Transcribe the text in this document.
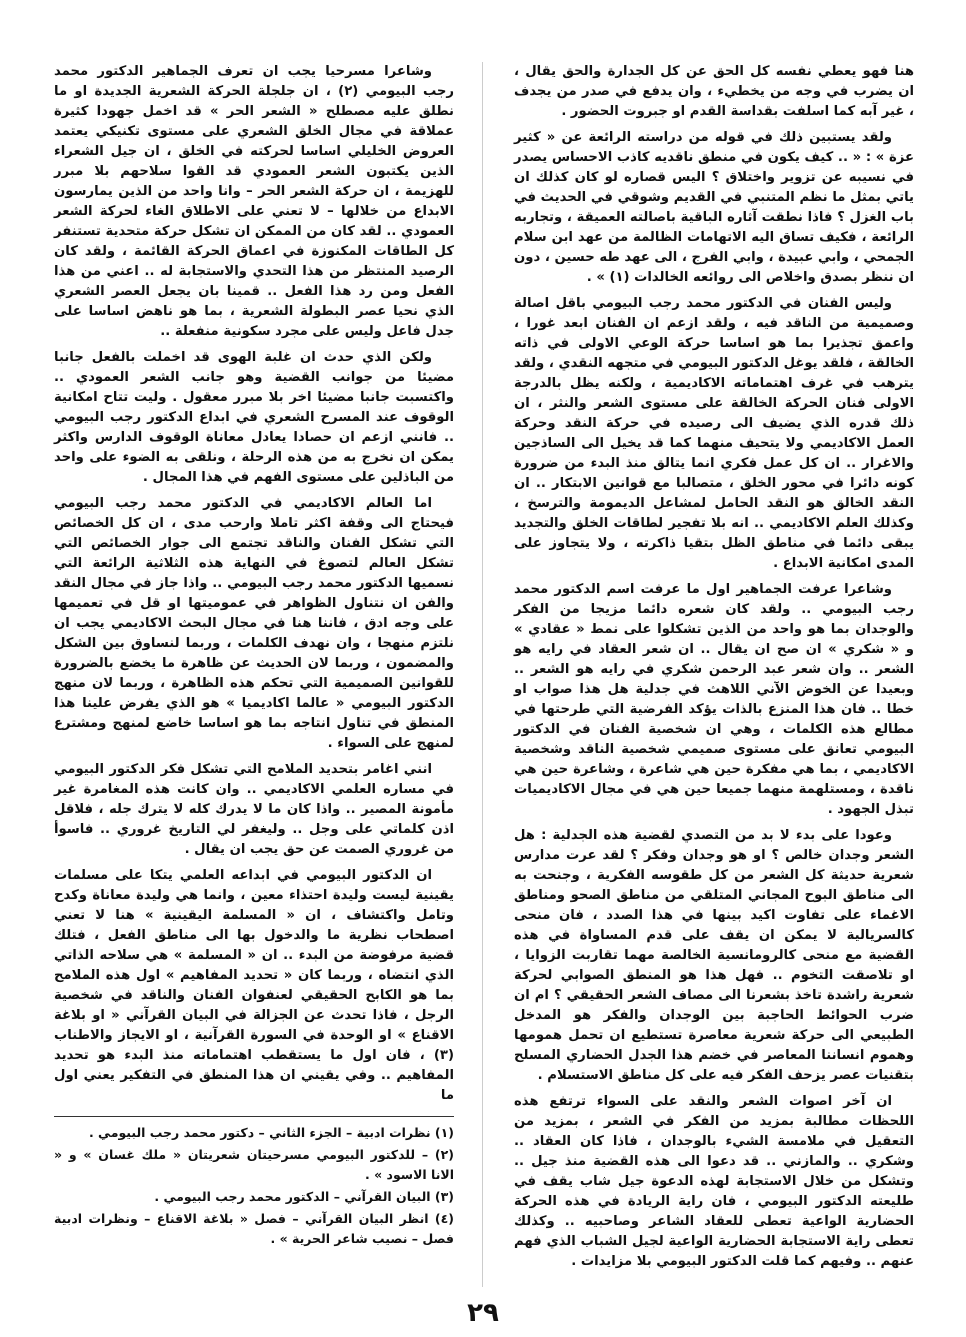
هنا فهو يعطي نفسه كل الحق عن كل الجدارة والحق يقال ، ان يضرب في وجه من يخطيء ، وان يدفع في صدر من يجدف ، غير آبه كما اسلفت بقداسة القدم او جبروت الحضور .

ولقد يستبين ذلك في قوله من دراسته الرائعة عن « كثير عزة » : « .. كيف يكون في منطق ناقديه كاذب الاحساس يصدر في نسيبه عن تزوير واختلاق ؟ اليس قصاره لو كان كذلك ان ياتي بمثل ما نظم المتنبي في القديم وشوقي في الحديث في باب الغزل ؟ فاذا نطقت آثاره الباقية باصالته العميقة ، وتجاربه الرائعة ، فكيف تساق اليه الاتهامات الظالمة من عهد ابن سلام الجمحي ، وابي عبيدة ، وابي الفرج ، الى عهد طه حسين ، دون ان ننظر بصدق واخلاص الى روائعه الخالدات (١) » .

وليس الفنان في الدكتور محمد رجب البيومي باقل اصالة وصميمية من الناقد فيه ، ولقد ازعم ان الفنان ابعد غورا ، واعمق تجذيرا بما هو اساسا حركة الوعي الاولى في ذاته الخالقة ، فلقد يوغل الدكتور البيومي في متجهه النقدي ، ولقد يترهب في غرف اهتماماته الاكاديمية ، ولكنه يظل بالدرجة الاولى فنان الحركة الخالقة على مستوى الشعر والنثر ، ان ذلك قدره الذي يضيف الى رصيده في حركة النقد وحركة العمل الاكاديمي ولا يتحيف منهما كما قد يخيل الى الساذجين والاغرار .. ان كل عمل فكري انما يتالق منذ البدء من ضرورة كونه دائرا في محور الخلق ، متصالبا مع قوانين الابتكار .. ان النقد الخالق هو النقد الحامل لمشاعل الديمومة والترسخ ، وكذلك العلم الاكاديمي .. انه بلا تفجير لطاقات الخلق والتجديد يبقى دائما في مناطق الظل بتقيا ذاكرته ، ولا يتجاوز على المدى امكانية الابداع .

وشاعرا عرفت الجماهير اول ما عرفت اسم الدكتور محمد رجب البيومي .. ولقد كان شعره دائما مزيجا من الفكر والوجدان بما هو واحد من الذين تشكلوا على نمط « عقادي » و « شكري » ان صح ان يقال .. ان شعر العقاد في رايه هو الشعر .. وان شعر عبد الرحمن شكري في رايه هو الشعر .. وبعيدا عن الخوض الآني اللاهث في جدلية هل هذا صواب او خطا .. فان هذا المنزع بالذات يؤكد الفرضية التي طرحتها في مطالع هذه الكلمات ، وهي ان شخصية الفنان في الدكتور البيومي تعانق على مستوى صميمي شخصية الناقد وشخصية الاكاديمي ، بما هي مفكرة حين هي شاعرة ، وشاعرة حين هي ناقدة ، ومستلهمة منهما جميعا حين هي في مجال الاكاديميات تبذل الجهود .

وعودا على بدء لا بد من التصدي لقضية هذه الجدلية : هل الشعر وجدان خالص ؟ او هو وجدان وفكر ؟ لقد عرت مدارس شعرية حديثة كل الشعر من كل طقوسه الفكرية ، وجنحت به الى مناطق البوح المجاني المتلقي من مناطق الصحو ومناطق الاغماء على تفاوت اكيد بينها في هذا الصدد ، فان منحى كالسريالية لا يمكن ان يقف على قدم المساواة في هذه القضية مع منحى كالرومانسية الخالصة مهما تقاربت الزوايا ، او تلاصقت التخوم .. فهل هذا هو المنطق الصوابي لحركة شعرية راشدة تاخذ بشعرنا الى مصاف الشعر الحقيقي ؟ ام ان ضرب الحوائط الحاجبة بين الوجدان والفكر هو المدخل الطبيعي الى حركة شعرية معاصرة تستطيع ان تحمل همومها وهموم انساننا المعاصر في خضم هذا الجدل الحضاري المسلح بتقنيات عصر يزحف الفكر فيه على كل مناطق الاستسلام .

ان آخر اصوات الشعر والنقد على السواء ترتفع هذه اللحظات مطالبة بمزيد من الفكر في الشعر ، بمزيد من التعقيل في ملامسة الشيء بالوجدان ، فاذا كان العقاد .. وشكري .. والمازني .. قد دعوا الى هذه القضية منذ جيل .. وتشكل من خلال الاستجابة لهذه الدعوة جيل شاب يقف في طليعته الدكتور البيومي ، فان راية الريادة في هذه الحركة الحضارية الواعية تعطى للعقاد الشاعر وصاحبيه .. وكذلك تعطى راية الاستجابة الحضارية الواعية لجيل الشباب الذي فهم عنهم .. وفيهم كما قلت الدكتور البيومي بلا مزايدات .

وشاعرا مسرحيا يجب ان تعرف الجماهير الدكتور محمد رجب البيومي (٢) ، ان جلجلة الحركة الشعرية الجديدة او ما نطلق عليه مصطلح « الشعر الحر » قد اخمل جهودا كثيرة عملاقة في مجال الخلق الشعري على مستوى تكنيكي يعتمد العروض الخليلي اساسا لحركته في الخلق ، ان جيل الشعراء الذين يكتبون الشعر العمودي قد القوا سلاحهم بلا مبرر للهزيمة ، ان حركة الشعر الحر – وانا واحد من الذين يمارسون الابداع من خلالها – لا تعني على الاطلاق الغاء لحركة الشعر العمودي .. لقد كان من الممكن ان تشكل حركة متحدية تستنفر كل الطاقات المكنوزة في اعماق الحركة القائمة ، ولقد كان الرصيد المنتظر من هذا التحدي والاستجابة له .. اعني من هذا الفعل ومن رد هذا الفعل .. قمينا بان يجعل العصر الشعري الذي نحيا عصر البطولة الشعرية ، بما هو ناهض اساسا على جدل فاعل وليس على مجرد سكونية منفعلة ..

ولكن الذي حدث ان غلبة الهوى قد اخملت بالفعل جانبا مضيئا من جوانب القضية وهو جانب الشعر العمودي .. واكتسبت جانبا مضيئا اخر بلا مبرر معقول . وليت تتاح امكانية الوقوف عند المسرح الشعري في ابداع الدكتور رجب البيومي .. فانني ازعم ان حصادا يعادل معاناة الوقوف الدارس واكثر يمكن ان نخرج به من هذه الرحلة ، ونلقى به الضوء على واحد من الباذلين على مستوى الفهم في هذا المجال .

اما العالم الاكاديمي في الدكتور محمد رجب البيومي فيحتاج الى وقفة اكثر تاملا وارحب مدى ، ان كل الخصائص التي تشكل الفنان والناقد تجتمع الى جوار الخصائص التي تشكل العالم لتصوغ في النهاية هذه الثلاثية الرائعة التي نسميها الدكتور محمد رجب البيومي .. واذا جاز في مجال النقد والفن ان نتناول الظواهر في عموميتها او قل في تعميمها على وجه ادق ، فاننا هنا في مجال البحث الاكاديمي يجب ان نلتزم منهجا ، وان نهدف الكلمات ، وربما لنساوق بين الشكل والمضمون ، وربما لان الحديث عن ظاهرة ما يخضع بالضرورة للقوانين الصميمية التي تحكم هذه الظاهرة ، وربما لان منهج الدكتور البيومي « عالما اكاديميا » هو الذي يفرض علينا هذا المنطق في تناول انتاجه بما هو اساسا خاضع لمنهج ومشترع لمنهج على السواء .

انني اغامر بتحديد الملامح التي تشكل فكر الدكتور البيومي في مساره العلمي الاكاديمي .. وان كانت هذه المغامرة غير مأمونة المصير .. واذا كان ما لا يدرك كله لا يترك جله ، فلاقل اذن كلماتي على وجل .. وليغفر لي التاريخ غروري .. فاسوأ من غروري الصمت عن حق يجب ان يقال .

ان الدكتور البيومي في ابداعه العلمي يتكا على مسلمات يقينية ليست وليدة احتذاء معين ، وانما هي وليدة معاناة وكدح وتامل واكتشاف ، ان « المسلمة اليقينية » هنا لا تعني اصطحاب نظرية ما والدخول بها الى مناطق الفعل ، فتلك قضية مرفوضة من البدء .. ان « المسلمة » هي سلاحه الذاتي الذي انتضاه ، وربما كان « تحديد المفاهيم » اول هذه الملامح بما هو الكابح الحقيقي لعنفوان الفنان والناقد في شخصية الرجل ، فاذا تحدث عن الجزالة في البيان القرآني « او بلاغة الاقناع » او الوحدة في السورة القرآنية ، او الايجاز والاطناب (٣) ، فان اول ما يستقطب اهتماماته منذ البدء هو تحديد المفاهيم .. وفي يقيني ان هذا المنطق في التفكير يعني اول ما

(١) نظرات ادبية – الجزء الثاني – دكتور محمد رجب البيومي .
(٢) – للدكتور البيومي مسرحيتان شعريتان « ملك غسان » و « الانا الاسود » .
(٣) البيان القرآني – الدكتور محمد رجب البيومي .
(٤) انظر البيان القرآني – فصل « بلاغة الاقناع – ونظرات ادبية فصل – نصيب شاعر الحرية » .
٢٩
